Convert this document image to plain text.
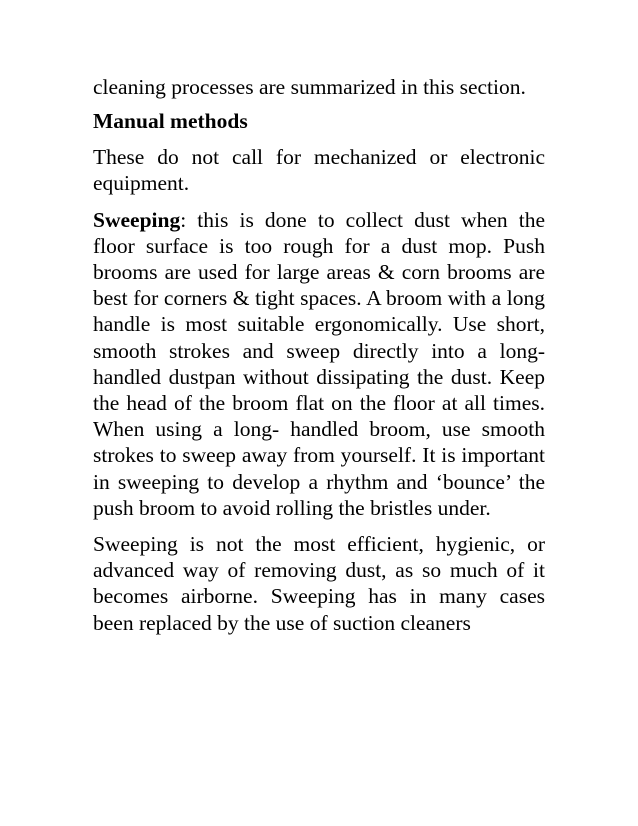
cleaning processes are summarized in this section.

Manual methods

These do not call for mechanized or electronic equipment.

Sweeping: this is done to collect dust when the floor surface is too rough for a dust mop. Push brooms are used for large areas & corn brooms are best for corners & tight spaces. A broom with a long handle is most suitable ergonomically. Use short, smooth strokes and sweep directly into a long- handled dustpan without dissipating the dust. Keep the head of the broom flat on the floor at all times. When using a long- handled broom, use smooth strokes to sweep away from yourself. It is important in sweeping to develop a rhythm and ‘bounce’ the push broom to avoid rolling the bristles under.

Sweeping is not the most efficient, hygienic, or advanced way of removing dust, as so much of it becomes airborne. Sweeping has in many cases been replaced by the use of suction cleaners
